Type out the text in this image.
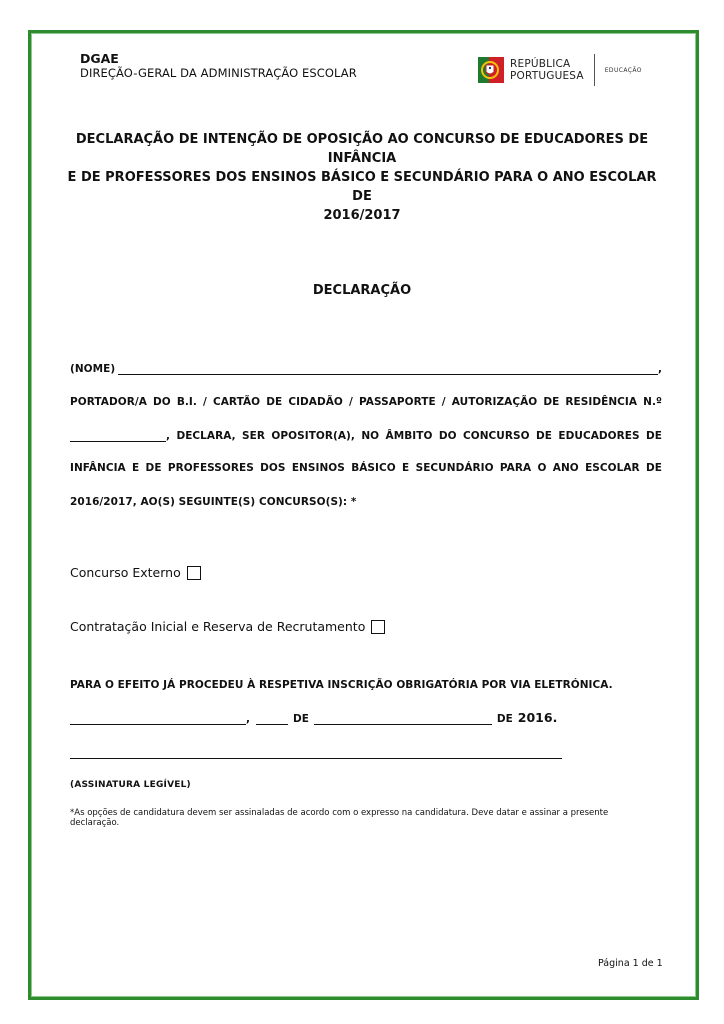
DGAE
DIREÇÃO-GERAL DA ADMINISTRAÇÃO ESCOLAR
REPÚBLICA
PORTUGUESA	EDUCAÇÃO
DECLARAÇÃO DE INTENÇÃO DE OPOSIÇÃO AO CONCURSO DE EDUCADORES DE INFÂNCIA
E DE PROFESSORES DOS ENSINOS BÁSICO E SECUNDÁRIO PARA O ANO ESCOLAR DE
2016/2017
DECLARAÇÃO
(NOME)	,
PORTADOR/A DO B.I. / CARTÃO DE CIDADÃO / PASSAPORTE / AUTORIZAÇÃO DE RESIDÊNCIA N.º
, DECLARA, SER OPOSITOR(A), NO ÂMBITO DO CONCURSO DE EDUCADORES DE
INFÂNCIA E DE PROFESSORES DOS ENSINOS BÁSICO E SECUNDÁRIO PARA O ANO ESCOLAR DE
2016/2017, AO(S) SEGUINTE(S) CONCURSO(S): *
Concurso Externo
Contratação Inicial e Reserva de Recrutamento
PARA O EFEITO JÁ PROCEDEU À RESPETIVA INSCRIÇÃO OBRIGATÓRIA POR VIA ELETRÓNICA.
,	DE	DE 2016.
(ASSINATURA LEGÍVEL)
*As opções de candidatura devem ser assinaladas de acordo com o expresso na candidatura. Deve datar e assinar a presente declaração.
Página 1 de 1
